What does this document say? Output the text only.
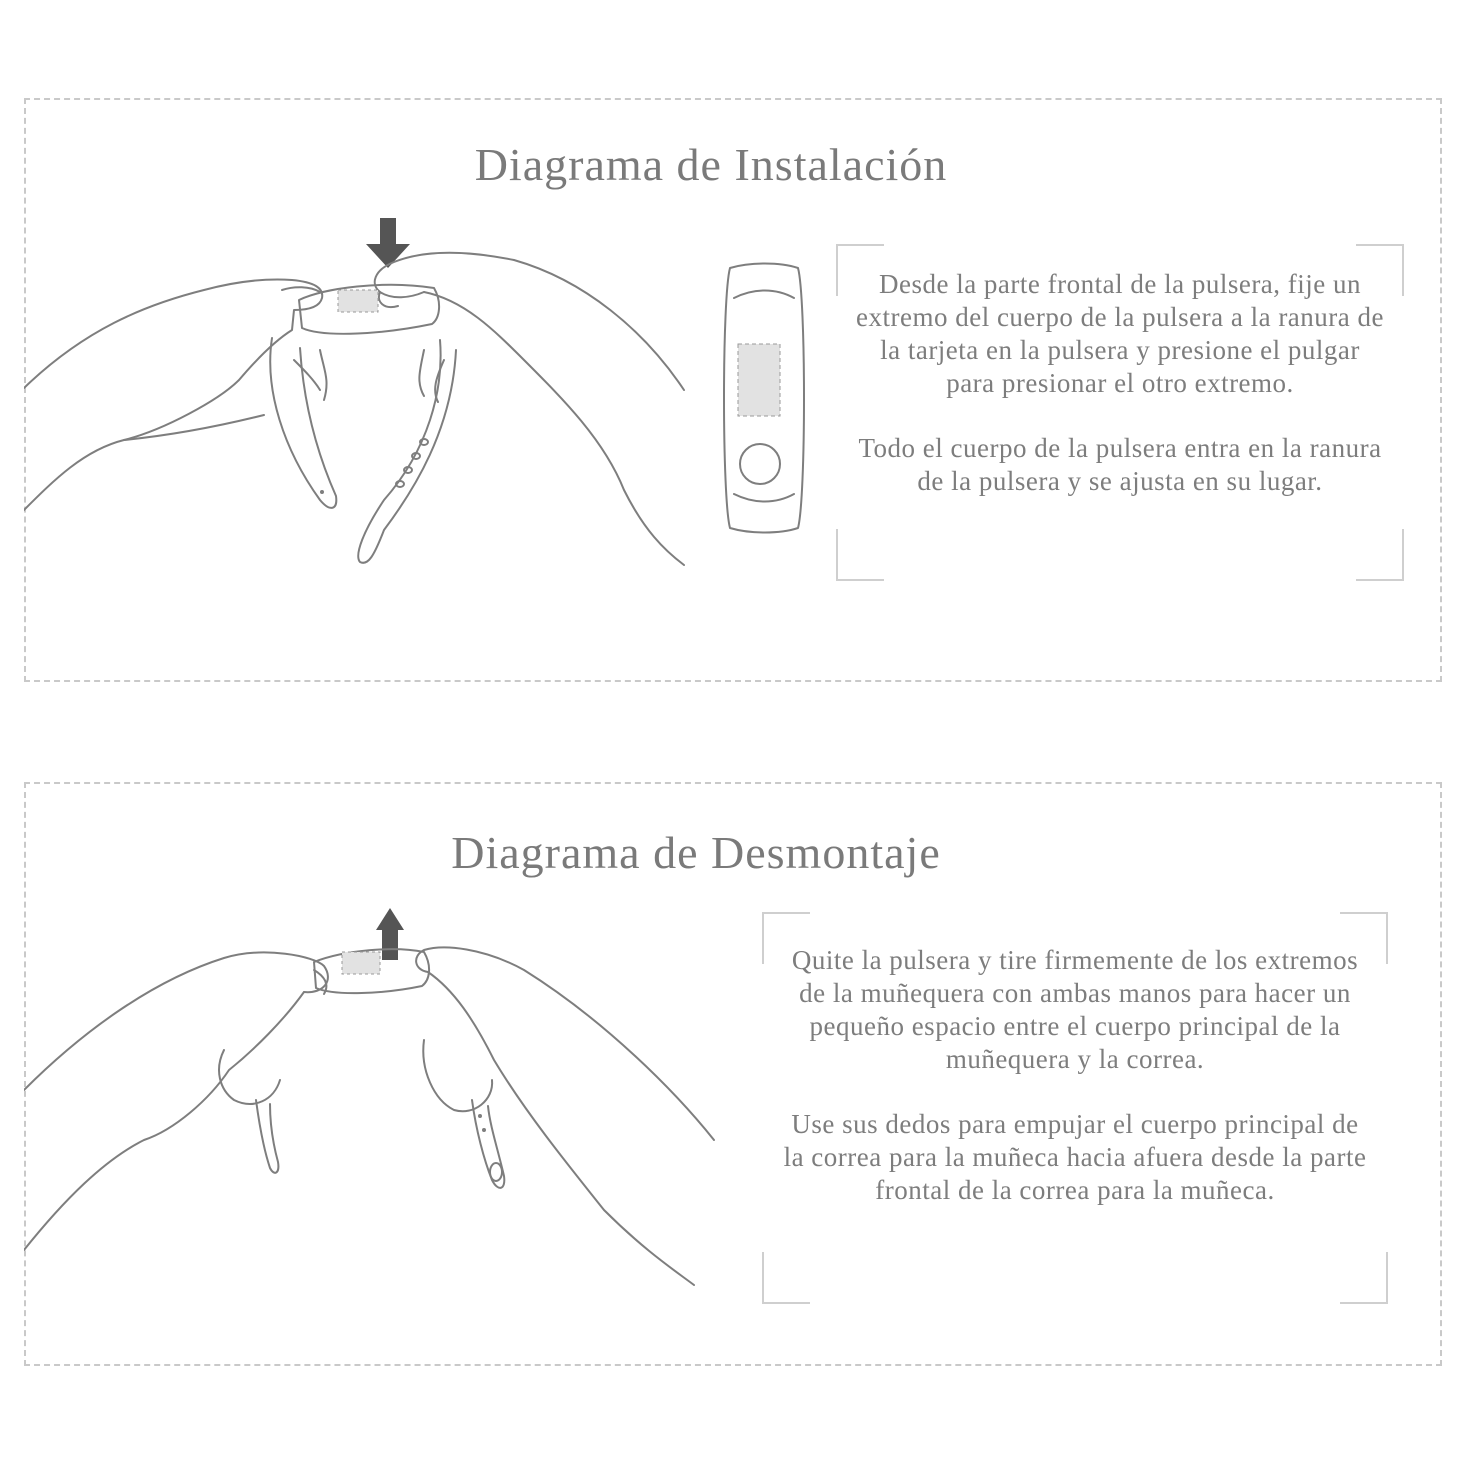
Diagrama de Instalación

Desde la parte frontal de la pulsera, fije un extremo del cuerpo de la pulsera a la ranura de la tarjeta en la pulsera y presione el pulgar para presionar el otro extremo.

Todo el cuerpo de la pulsera entra en la ranura de la pulsera y se ajusta en su lugar.

Diagrama de Desmontaje

Quite la pulsera y tire firmemente de los extremos de la muñequera con ambas manos para hacer un pequeño espacio entre el cuerpo principal de la muñequera y la correa.

Use sus dedos para empujar el cuerpo principal de la correa para la muñeca hacia afuera desde la parte frontal de la correa para la muñeca.
